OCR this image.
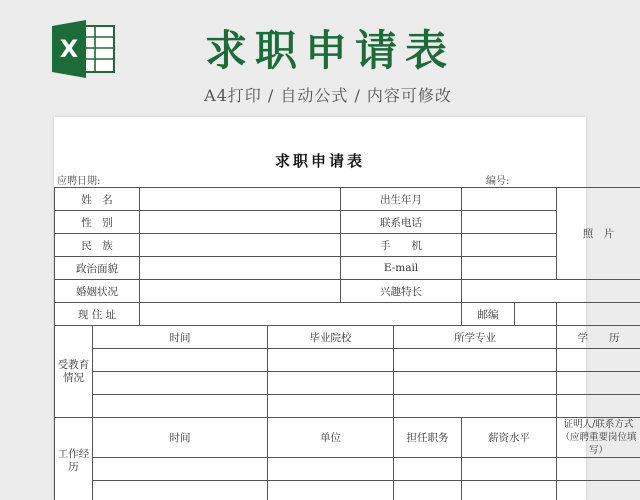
X	求职申请表
A4打印 / 自动公式 / 内容可修改
求职申请表
应聘日期:	编号:
姓　名				出生年月				照　片
性　别				联系电话				
民　族				手　　机				
政治面貌				E-mail				
婚姻状况				兴趣特长				
现 住 址						邮编		
受教育情况	时间		毕业院校		所学专业			学　　历

工作经历	时间		单位		担任职务	薪资水平		证明人/联系方式
（应聘重要岗位填写）
